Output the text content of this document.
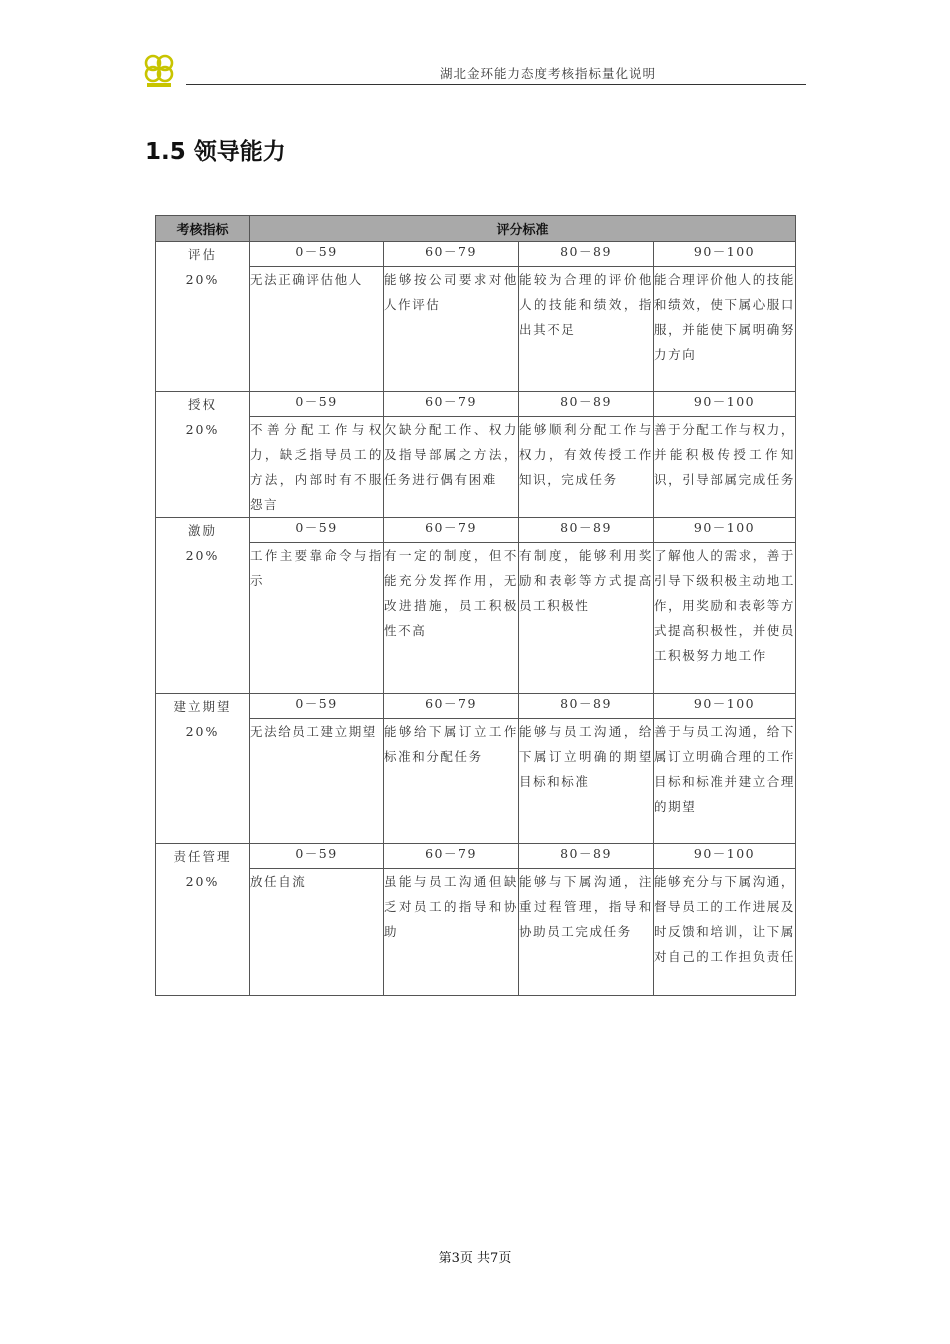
湖北金环能力态度考核指标量化说明
1.5 领导能力
考核指标	评分标准			

评估
20%	0－59	60－79	80－89	90－100
	无法正确评估他人	能够按公司要求对他人作评估	能较为合理的评价他人的技能和绩效，指出其不足	能合理评价他人的技能和绩效，使下属心服口服，并能使下属明确努力方向

授权
20%	0－59	60－79	80－89	90－100
	不善分配工作与权力，缺乏指导员工的方法，内部时有不服怨言	欠缺分配工作、权力及指导部属之方法，任务进行偶有困难	能够顺利分配工作与权力，有效传授工作知识，完成任务	善于分配工作与权力，并能积极传授工作知识，引导部属完成任务

激励
20%	0－59	60－79	80－89	90－100
	工作主要靠命令与指示	有一定的制度，但不能充分发挥作用，无改进措施，员工积极性不高	有制度，能够利用奖励和表彰等方式提高员工积极性	了解他人的需求，善于引导下级积极主动地工作，用奖励和表彰等方式提高积极性，并使员工积极努力地工作

建立期望
20%	0－59	60－79	80－89	90－100
	无法给员工建立期望	能够给下属订立工作标准和分配任务	能够与员工沟通，给下属订立明确的期望目标和标准	善于与员工沟通，给下属订立明确合理的工作目标和标准并建立合理的期望

责任管理
20%	0－59	60－79	80－89	90－100
	放任自流	虽能与员工沟通但缺乏对员工的指导和协助	能够与下属沟通，注重过程管理，指导和协助员工完成任务	能够充分与下属沟通，督导员工的工作进展及时反馈和培训，让下属对自己的工作担负责任
第3页 共7页
